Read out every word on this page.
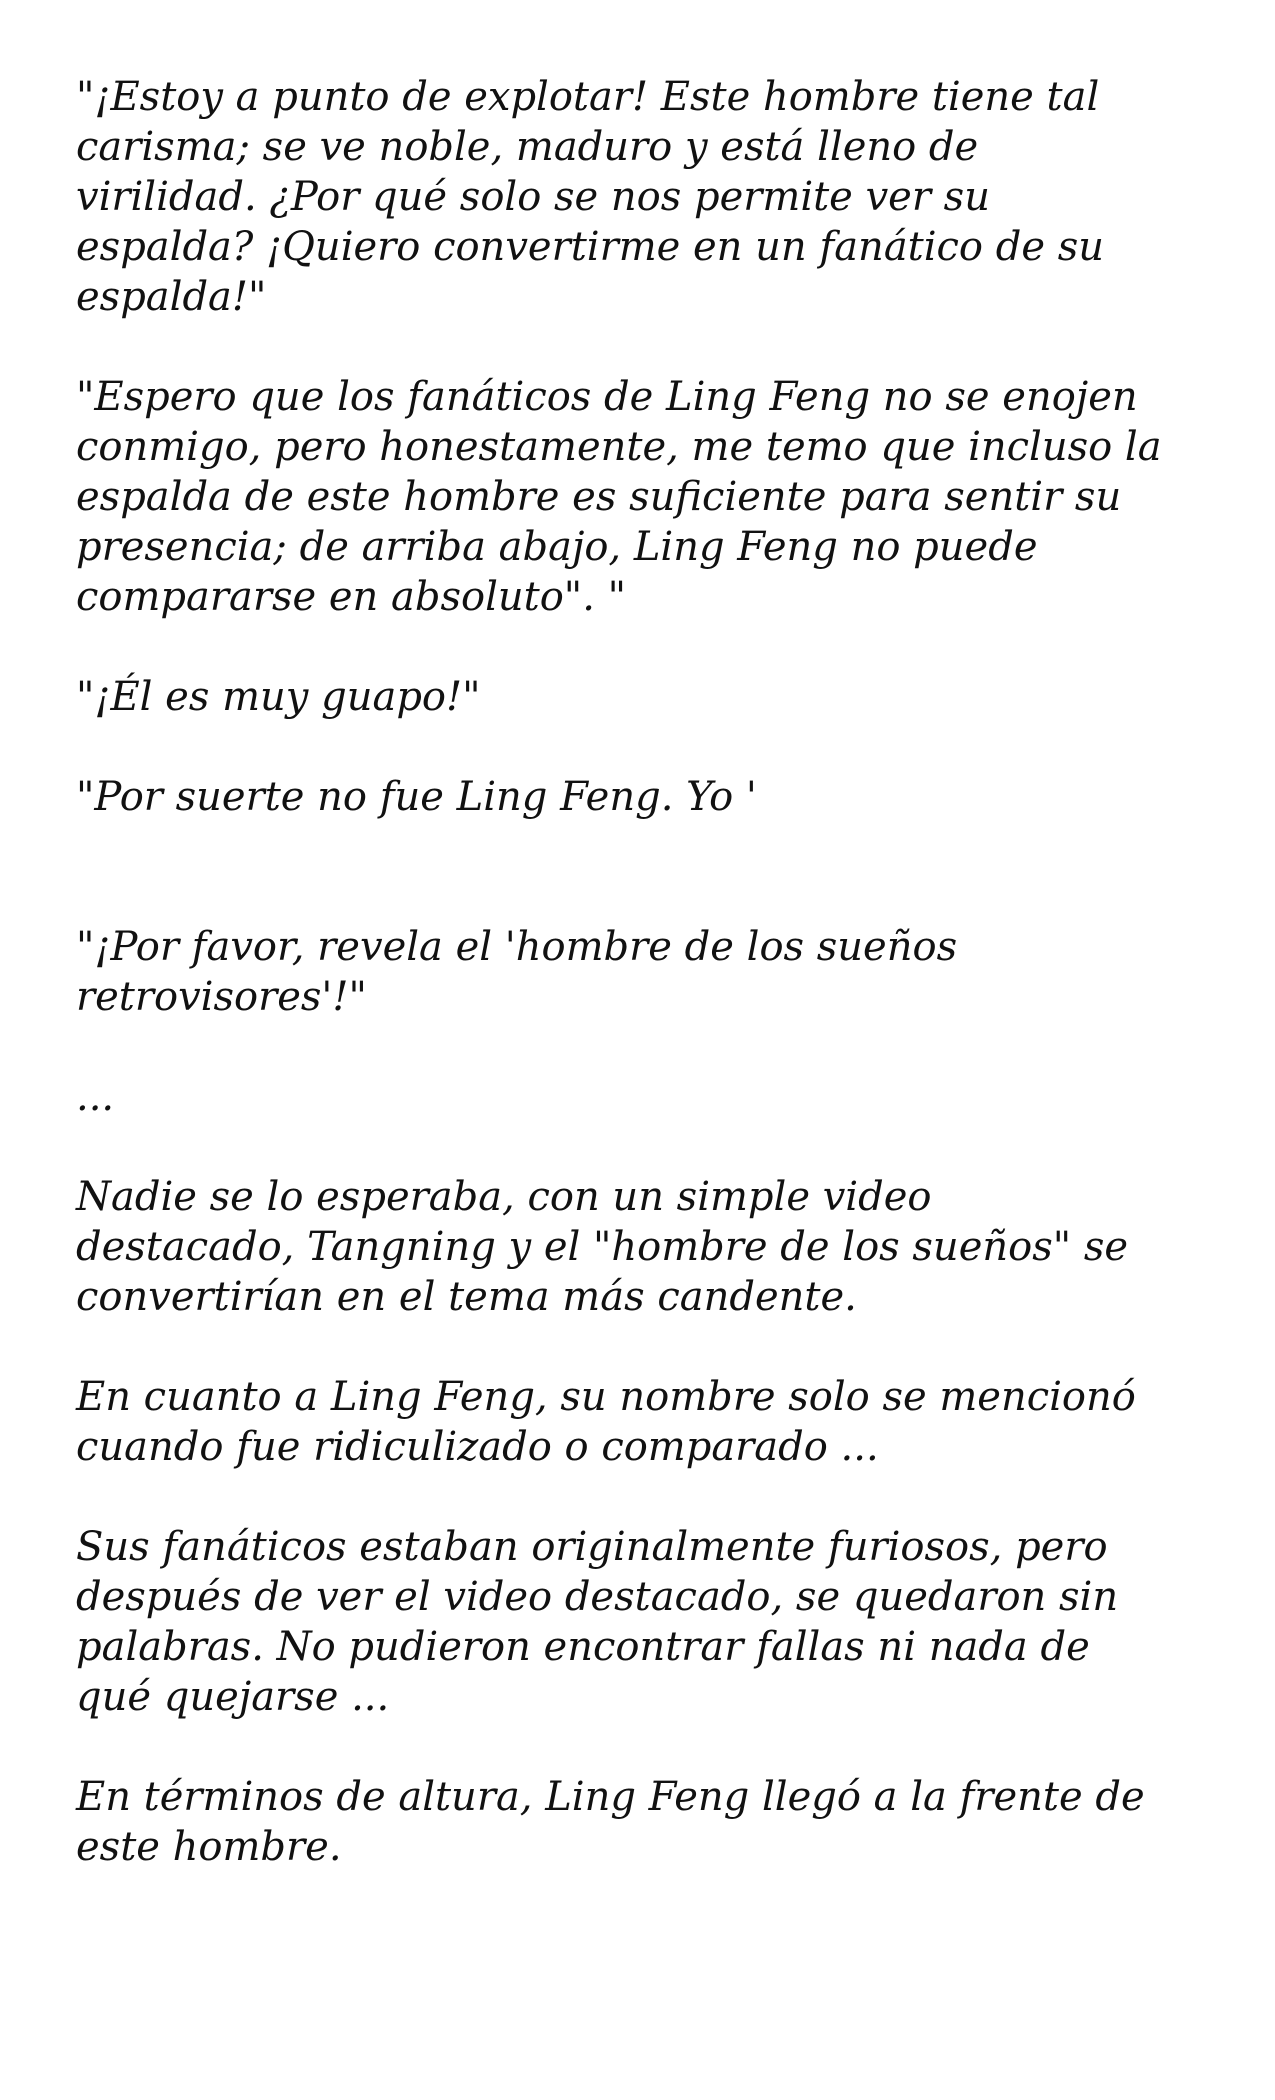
"¡Estoy a punto de explotar! Este hombre tiene tal
carisma; se ve noble, maduro y está lleno de
virilidad. ¿Por qué solo se nos permite ver su
espalda? ¡Quiero convertirme en un fanático de su
espalda!"

"Espero que los fanáticos de Ling Feng no se enojen
conmigo, pero honestamente, me temo que incluso la
espalda de este hombre es suficiente para sentir su
presencia; de arriba abajo, Ling Feng no puede
compararse en absoluto". "

"¡Él es muy guapo!"

"Por suerte no fue Ling Feng. Yo '

"¡Por favor, revela el 'hombre de los sueños
retrovisores'!"

...

Nadie se lo esperaba, con un simple video
destacado, Tangning y el "hombre de los sueños" se
convertirían en el tema más candente.

En cuanto a Ling Feng, su nombre solo se mencionó
cuando fue ridiculizado o comparado ...

Sus fanáticos estaban originalmente furiosos, pero
después de ver el video destacado, se quedaron sin
palabras. No pudieron encontrar fallas ni nada de
qué quejarse ...

En términos de altura, Ling Feng llegó a la frente de
este hombre.
